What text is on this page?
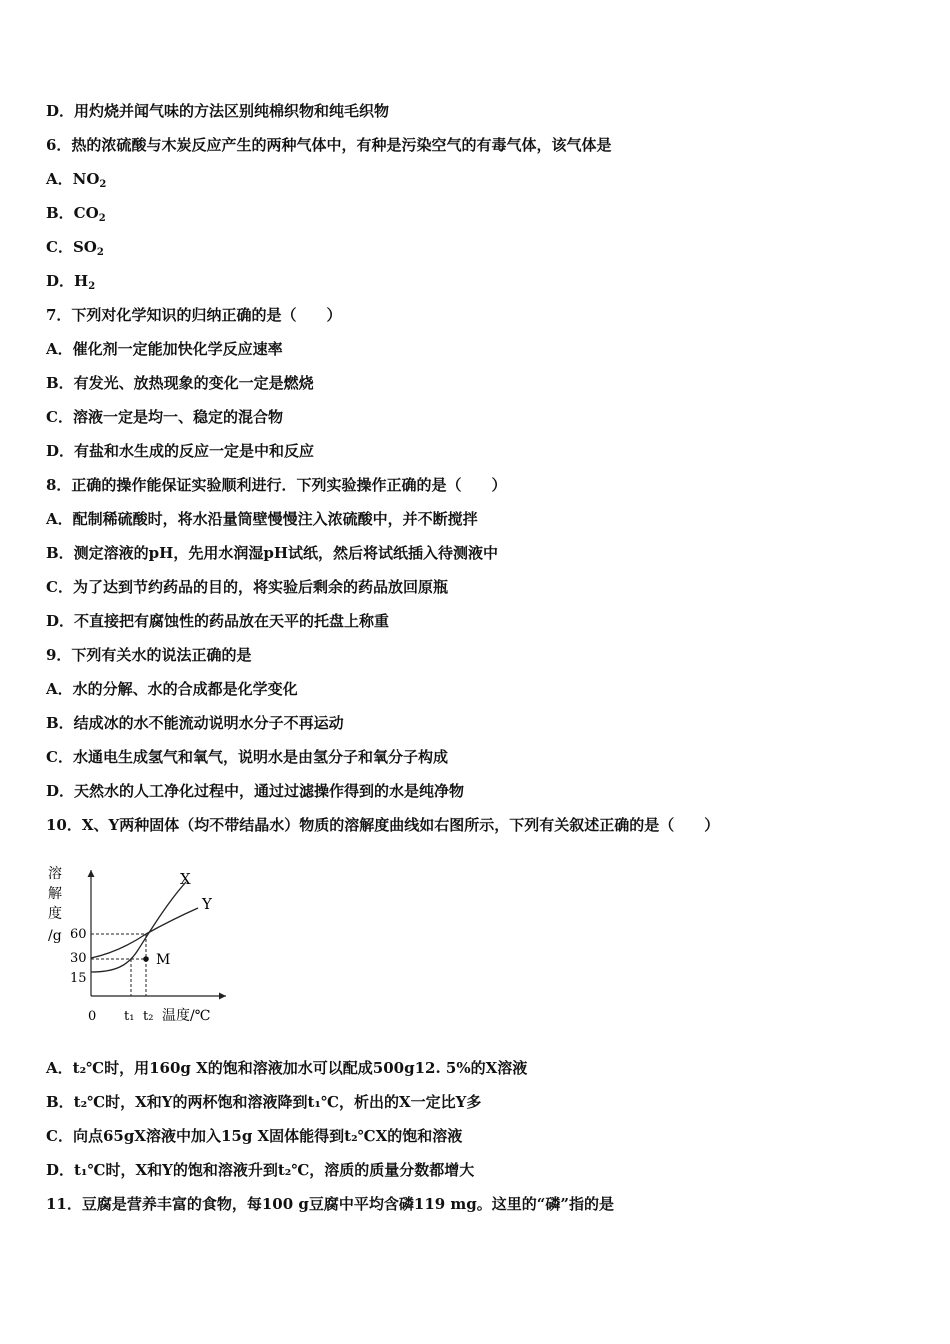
D．用灼烧并闻气味的方法区别纯棉织物和纯毛织物
6．热的浓硫酸与木炭反应产生的两种气体中，有种是污染空气的有毒气体，该气体是
A．$NO_2$
B．$CO_2$
C．$SO_2$
D．$H_2$
7．下列对化学知识的归纳正确的是（　　）
A．催化剂一定能加快化学反应速率
B．有发光、放热现象的变化一定是燃烧
C．溶液一定是均一、稳定的混合物
D．有盐和水生成的反应一定是中和反应
8．正确的操作能保证实验顺利进行．下列实验操作正确的是（　　）
A．配制稀硫酸时，将水沿量筒壁慢慢注入浓硫酸中，并不断搅拌
B．测定溶液的pH，先用水润湿pH试纸，然后将试纸插入待测液中
C．为了达到节约药品的目的，将实验后剩余的药品放回原瓶
D．不直接把有腐蚀性的药品放在天平的托盘上称重
9．下列有关水的说法正确的是
A．水的分解、水的合成都是化学变化
B．结成冰的水不能流动说明水分子不再运动
C．水通电生成氢气和氧气，说明水是由氢分子和氧分子构成
D．天然水的人工净化过程中，通过过滤操作得到的水是纯净物
10．X、Y两种固体（均不带结晶水）物质的溶解度曲线如右图所示，下列有关叙述正确的是（　　）
溶
解
度
/g 60
30
15
0 t₁ t₂ 温度/℃
X
Y
M
A．t₂℃时，用160g X的饱和溶液加水可以配成500g12. 5%的X溶液
B．t₂℃时，X和Y的两杯饱和溶液降到t₁℃，析出的X一定比Y多
C．向点65gX溶液中加入15g X固体能得到t₂℃X的饱和溶液
D．t₁℃时，X和Y的饱和溶液升到t₂℃，溶质的质量分数都增大
11．豆腐是营养丰富的食物，每100 g豆腐中平均含磷119 mg。这里的“磷”指的是
